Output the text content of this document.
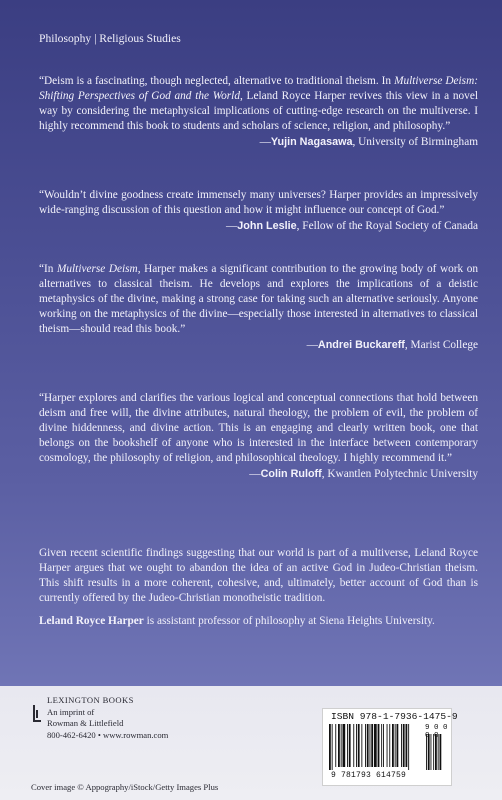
Philosophy | Religious Studies

“Deism is a fascinating, though neglected, alternative to traditional theism. In Multiverse Deism: Shifting Perspectives of God and the World, Leland Royce Harper revives this view in a novel way by considering the metaphysical implications of cutting-edge research on the multiverse. I highly recommend this book to students and scholars of science, religion, and philosophy.”

—Yujin Nagasawa, University of Birmingham

“Wouldn’t divine goodness create immensely many universes? Harper provides an impressively wide-ranging discussion of this question and how it might influence our concept of God.”

—John Leslie, Fellow of the Royal Society of Canada

“In Multiverse Deism, Harper makes a significant contribution to the growing body of work on alternatives to classical theism. He develops and explores the implications of a deistic metaphysics of the divine, making a strong case for taking such an alternative seriously. Anyone working on the metaphysics of the divine—especially those interested in alternatives to classical theism—should read this book.”

—Andrei Buckareff, Marist College

“Harper explores and clarifies the various logical and conceptual connections that hold between deism and free will, the divine attributes, natural theology, the problem of evil, the problem of divine hiddenness, and divine action. This is an engaging and clearly written book, one that belongs on the bookshelf of anyone who is interested in the interface between contemporary cosmology, the philosophy of religion, and philosophical theology. I highly recommend it.”

—Colin Ruloff, Kwantlen Polytechnic University
Given recent scientific findings suggesting that our world is part of a multiverse, Leland Royce Harper argues that we ought to abandon the idea of an active God in Judeo-Christian theism. This shift results in a more coherent, cohesive, and, ultimately, better account of God than is currently offered by the Judeo-Christian monotheistic tradition.
Leland Royce Harper is assistant professor of philosophy at Siena Heights University.
LEXINGTON BOOKS
An imprint of
Rowman & Littlefield
800-462-6420 • www.rowman.com
Cover image © Appography/iStock/Getty Images Plus
ISBN 978-1-7936-1475-9
9 781793 614759
9 0 0 0 0
